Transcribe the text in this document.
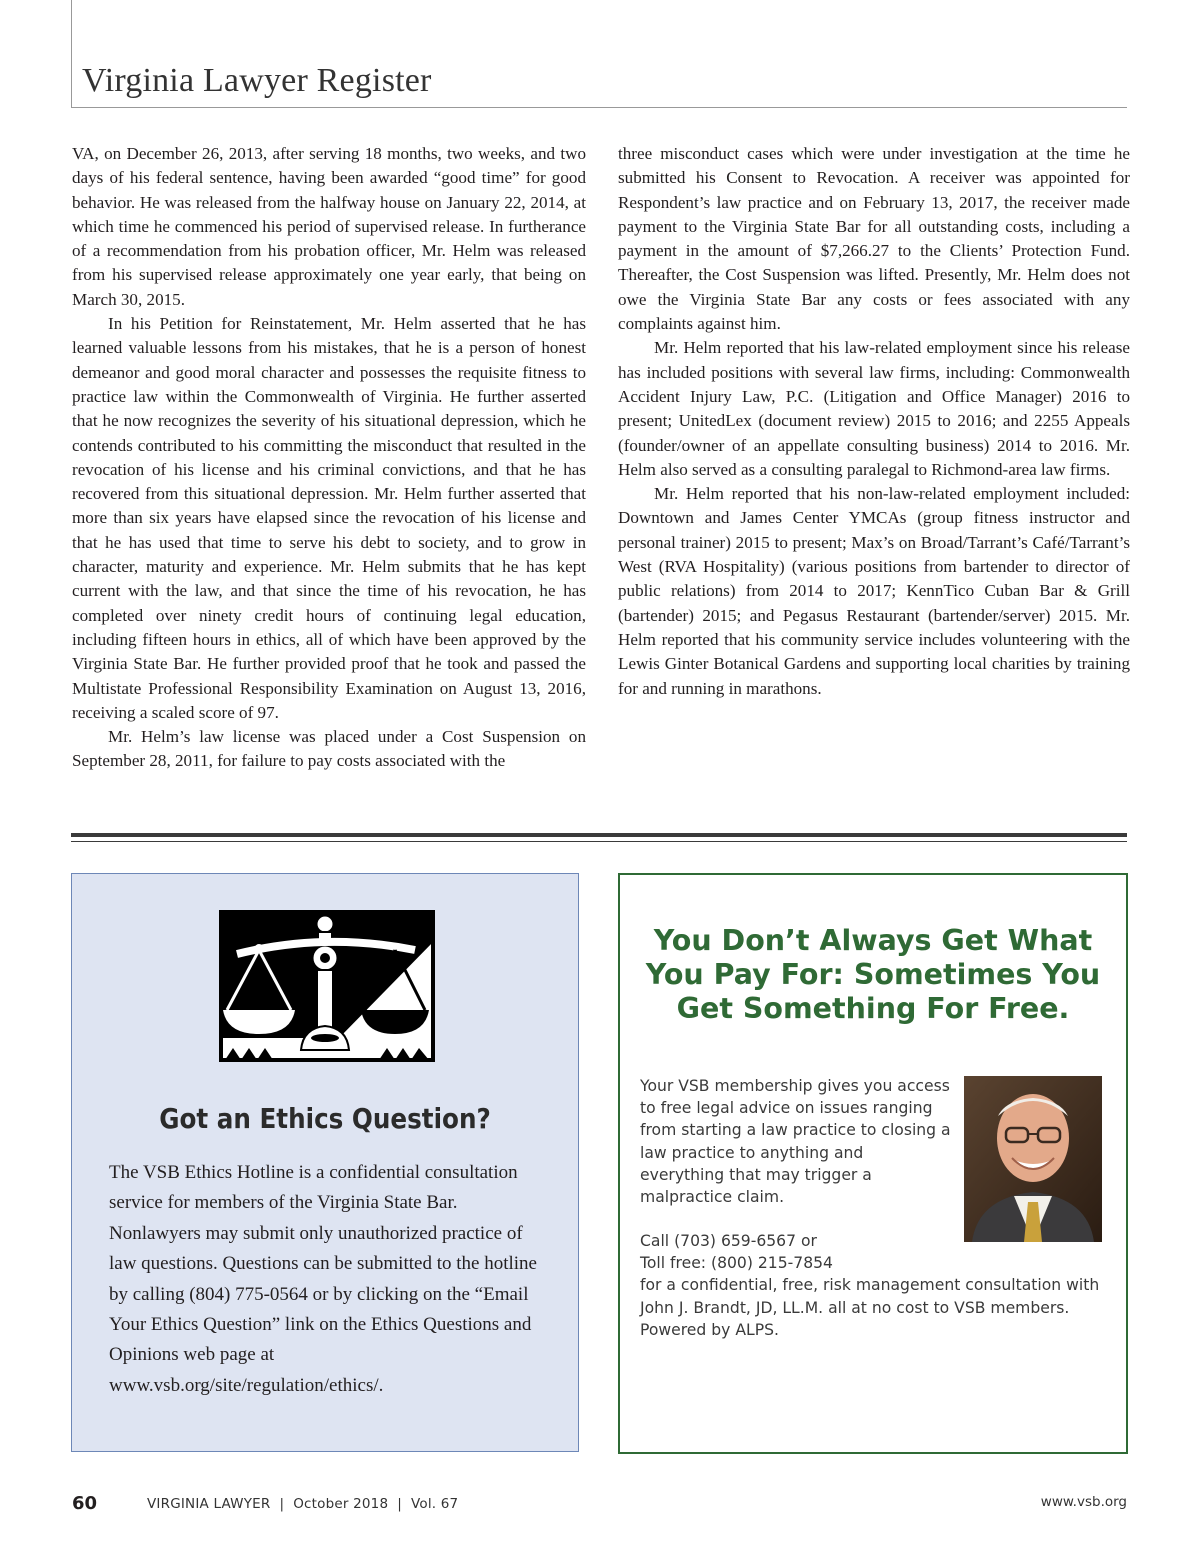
Virginia Lawyer Register

VA, on December 26, 2013, after serving 18 months, two weeks, and two days of his federal sentence, having been awarded “good time” for good behavior. He was released from the halfway house on January 22, 2014, at which time he commenced his period of supervised release. In furtherance of a recommendation from his probation officer, Mr. Helm was released from his supervised release approximately one year early, that being on March 30, 2015.

In his Petition for Reinstatement, Mr. Helm asserted that he has learned valuable lessons from his mistakes, that he is a person of honest demeanor and good moral character and possesses the requisite fitness to practice law within the Commonwealth of Virginia. He further asserted that he now recognizes the severity of his situational depression, which he contends contributed to his committing the misconduct that resulted in the revocation of his license and his criminal convictions, and that he has recovered from this situational depression. Mr. Helm further asserted that more than six years have elapsed since the revocation of his license and that he has used that time to serve his debt to society, and to grow in character, maturity and experience. Mr. Helm submits that he has kept current with the law, and that since the time of his revocation, he has completed over ninety credit hours of continuing legal education, including fifteen hours in ethics, all of which have been approved by the Virginia State Bar. He further provided proof that he took and passed the Multistate Professional Responsibility Examination on August 13, 2016, receiving a scaled score of 97.

Mr. Helm’s law license was placed under a Cost Suspension on September 28, 2011, for failure to pay costs associated with the

three misconduct cases which were under investigation at the time he submitted his Consent to Revocation. A receiver was appointed for Respondent’s law practice and on February 13, 2017, the receiver made payment to the Virginia State Bar for all outstanding costs, including a payment in the amount of $7,266.27 to the Clients’ Protection Fund. Thereafter, the Cost Suspension was lifted. Presently, Mr. Helm does not owe the Virginia State Bar any costs or fees associated with any complaints against him.

Mr. Helm reported that his law-related employment since his release has included positions with several law firms, including: Commonwealth Accident Injury Law, P.C. (Litigation and Office Manager) 2016 to present; UnitedLex (document review) 2015 to 2016; and 2255 Appeals (founder/owner of an appellate consulting business) 2014 to 2016. Mr. Helm also served as a consulting paralegal to Richmond-area law firms.

Mr. Helm reported that his non-law-related employment included: Downtown and James Center YMCAs (group fitness instructor and personal trainer) 2015 to present; Max’s on Broad/Tarrant’s Café/Tarrant’s West (RVA Hospitality) (various positions from bartender to director of public relations) from 2014 to 2017; KennTico Cuban Bar & Grill (bartender) 2015; and Pegasus Restaurant (bartender/server) 2015. Mr. Helm reported that his community service includes volunteering with the Lewis Ginter Botanical Gardens and supporting local charities by training for and running in marathons.

Got an Ethics Question?

The VSB Ethics Hotline is a confidential consultation service for members of the Virginia State Bar. Nonlawyers may submit only unauthorized practice of law questions. Questions can be submitted to the hotline by calling (804) 775-0564 or by clicking on the “Email Your Ethics Question” link on the Ethics Questions and Opinions web page at www.vsb.org/site/regulation/ethics/.

You Don’t Always Get What You Pay For: Sometimes You Get Something For Free.

Your VSB membership gives you access to free legal advice on issues ranging from starting a law practice to closing a law practice to anything and everything that may trigger a malpractice claim.

Call (703) 659-6567 or

Toll free: (800) 215-7854

for a confidential, free, risk management consultation with John J. Brandt, JD, LL.M. all at no cost to VSB members.

Powered by ALPS.

60	VIRGINIA LAWYER  |  October 2018  |  Vol. 67	www.vsb.org
